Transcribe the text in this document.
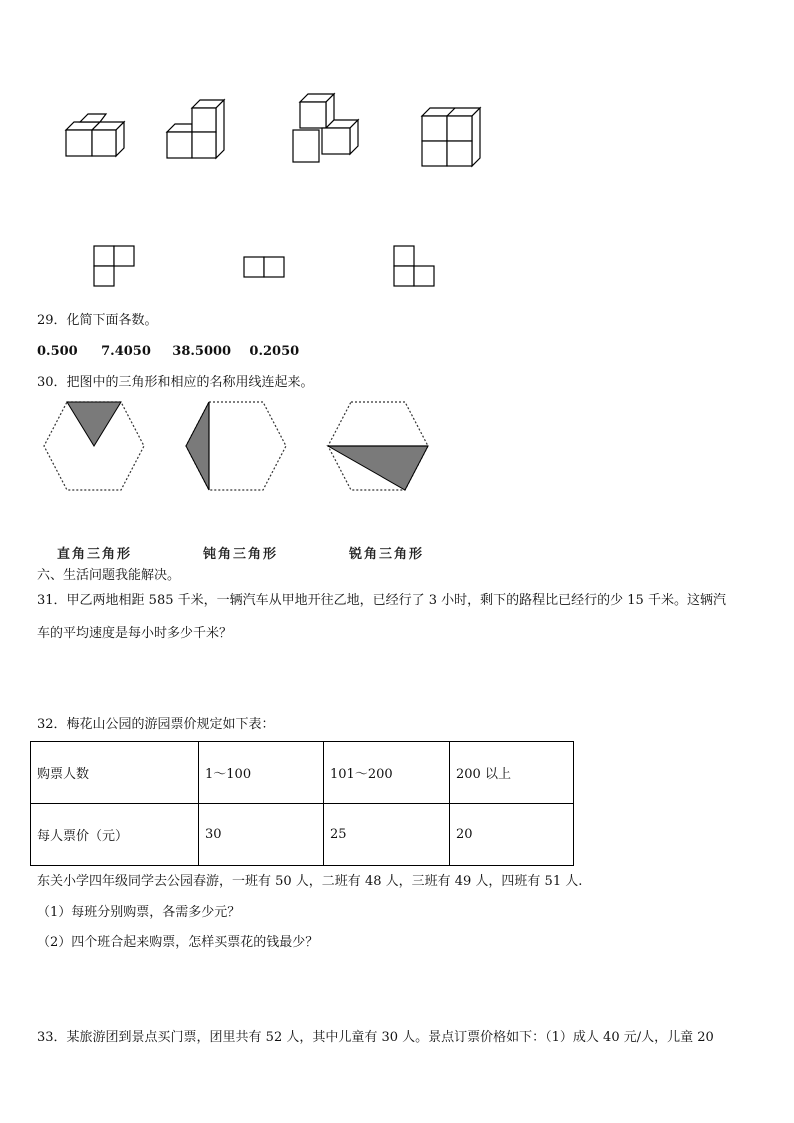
29．化简下面各数。
0.500 7.4050 38.5000 0.2050
30．把图中的三角形和相应的名称用线连起来。
直角三角形	钝角三角形	锐角三角形
六、生活问题我能解决。
31．甲乙两地相距 585 千米，一辆汽车从甲地开往乙地，已经行了 3 小时，剩下的路程比已经行的少 15 千米。这辆汽
车的平均速度是每小时多少千米？
32．梅花山公园的游园票价规定如下表：
购票人数	1～100	101～200	200 以上
每人票价（元）	30	25	20
东关小学四年级同学去公园春游，一班有 50 人，二班有 48 人，三班有 49 人，四班有 51 人.
（1）每班分别购票，各需多少元？
（2）四个班合起来购票，怎样买票花的钱最少？
33．某旅游团到景点买门票，团里共有 52 人，其中儿童有 30 人。景点订票价格如下：（1）成人 40 元/人，儿童 20
